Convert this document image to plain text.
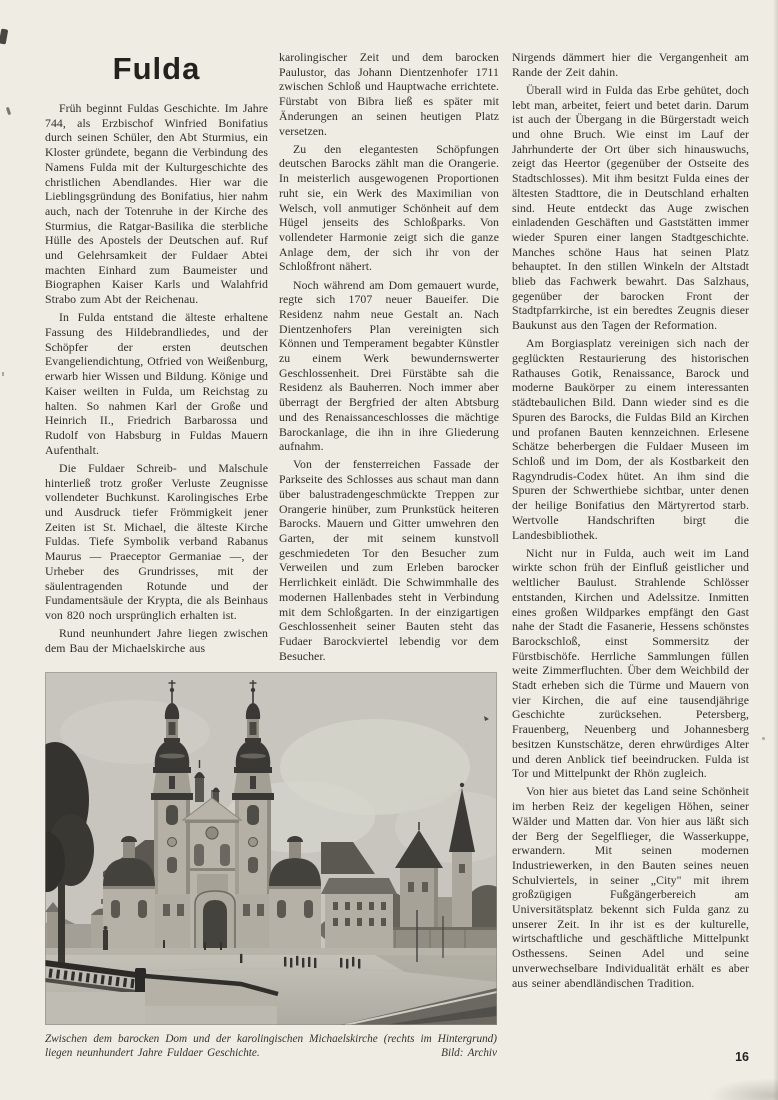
Fulda

Früh beginnt Fuldas Geschichte. Im Jahre 744, als Erzbischof Winfried Bonifatius durch seinen Schüler, den Abt Sturmius, ein Kloster gründete, begann die Verbindung des Namens Fulda mit der Kulturgeschichte des christlichen Abendlandes. Hier war die Lieblingsgründung des Bonifatius, hier nahm auch, nach der Totenruhe in der Kirche des Sturmius, die Ratgar-Basilika die sterbliche Hülle des Apostels der Deutschen auf. Ruf und Gelehrsamkeit der Fuldaer Abtei machten Einhard zum Baumeister und Biographen Kaiser Karls und Walahfrid Strabo zum Abt der Reichenau.

In Fulda entstand die älteste erhaltene Fassung des Hildebrandliedes, und der Schöpfer der ersten deutschen Evangeliendichtung, Otfried von Weißenburg, erwarb hier Wissen und Bildung. Könige und Kaiser weilten in Fulda, um Reichstag zu halten. So nahmen Karl der Große und Heinrich II., Friedrich Barbarossa und Rudolf von Habsburg in Fuldas Mauern Aufenthalt.

Die Fuldaer Schreib- und Malschule hinterließ trotz großer Verluste Zeugnisse vollendeter Buchkunst. Karolingisches Erbe und Ausdruck tiefer Frömmigkeit jener Zeiten ist St. Michael, die älteste Kirche Fuldas. Tiefe Symbolik verband Rabanus Maurus — Praeceptor Germaniae —, der Urheber des Grundrisses, mit der säulentragenden Rotunde und der Fundamentsäule der Krypta, die als Beinhaus von 820 noch ursprünglich erhalten ist.

Rund neunhundert Jahre liegen zwischen dem Bau der Michaelskirche aus

karolingischer Zeit und dem barocken Paulustor, das Johann Dientzenhofer 1711 zwischen Schloß und Hauptwache errichtete. Fürstabt von Bibra ließ es später mit Änderungen an seinen heutigen Platz versetzen.

Zu den elegantesten Schöpfungen deutschen Barocks zählt man die Orangerie. In meisterlich ausgewogenen Proportionen ruht sie, ein Werk des Maximilian von Welsch, voll anmutiger Schönheit auf dem Hügel jenseits des Schloßparks. Von vollendeter Harmonie zeigt sich die ganze Anlage dem, der sich ihr von der Schloßfront nähert.

Noch während am Dom gemauert wurde, regte sich 1707 neuer Baueifer. Die Residenz nahm neue Gestalt an. Nach Dientzenhofers Plan vereinigten sich Können und Temperament begabter Künstler zu einem Werk bewundernswerter Geschlossenheit. Drei Fürstäbte sah die Residenz als Bauherren. Noch immer aber überragt der Bergfried der alten Abtsburg und des Renaissanceschlosses die mächtige Barockanlage, die ihn in ihre Gliederung aufnahm.

Von der fensterreichen Fassade der Parkseite des Schlosses aus schaut man dann über balustradengeschmückte Treppen zur Orangerie hinüber, zum Prunkstück heiteren Barocks. Mauern und Gitter umwehren den Garten, der mit seinem kunstvoll geschmiedeten Tor den Besucher zum Verweilen und zum Erleben barocker Herrlichkeit einlädt. Die Schwimmhalle des modernen Hallenbades steht in Verbindung mit dem Schloßgarten. In der einzigartigen Geschlossenheit seiner Bauten steht das Fudaer Barockviertel lebendig vor dem Besucher.

Nirgends dämmert hier die Vergangenheit am Rande der Zeit dahin.

Überall wird in Fulda das Erbe gehütet, doch lebt man, arbeitet, feiert und betet darin. Darum ist auch der Übergang in die Bürgerstadt weich und ohne Bruch. Wie einst im Lauf der Jahrhunderte der Ort über sich hinauswuchs, zeigt das Heertor (gegenüber der Ostseite des Stadtschlosses). Mit ihm besitzt Fulda eines der ältesten Stadttore, die in Deutschland erhalten sind. Heute entdeckt das Auge zwischen einladenden Geschäften und Gaststätten immer wieder Spuren einer langen Stadtgeschichte. Manches schöne Haus hat seinen Platz behauptet. In den stillen Winkeln der Altstadt blieb das Fachwerk bewahrt. Das Salzhaus, gegenüber der barocken Front der Stadtpfarrkirche, ist ein beredtes Zeugnis dieser Baukunst aus den Tagen der Reformation.

Am Borgiasplatz vereinigen sich nach der geglückten Restaurierung des historischen Rathauses Gotik, Renaissance, Barock und moderne Baukörper zu einem interessanten städtebaulichen Bild. Dann wieder sind es die Spuren des Barocks, die Fuldas Bild an Kirchen und profanen Bauten kennzeichnen. Erlesene Schätze beherbergen die Fuldaer Museen im Schloß und im Dom, der als Kostbarkeit den Ragyndrudis-Codex hütet. An ihm sind die Spuren der Schwerthiebe sichtbar, unter denen der heilige Bonifatius den Märtyrertod starb. Wertvolle Handschriften birgt die Landesbibliothek.

Nicht nur in Fulda, auch weit im Land wirkte schon früh der Einfluß geistlicher und weltlicher Baulust. Strahlende Schlösser entstanden, Kirchen und Adelssitze. Inmitten eines großen Wildparkes empfängt den Gast nahe der Stadt die Fasanerie, Hessens schönstes Barockschloß, einst Sommersitz der Fürstbischöfe. Herrliche Sammlungen füllen weite Zimmerfluchten. Über dem Weichbild der Stadt erheben sich die Türme und Mauern von vier Kirchen, die auf eine tausendjährige Geschichte zurücksehen. Petersberg, Frauenberg, Neuenberg und Johannesberg besitzen Kunstschätze, deren ehrwürdiges Alter und deren Anblick tief beeindrucken. Fulda ist Tor und Mittelpunkt der Rhön zugleich.

Von hier aus bietet das Land seine Schönheit im herben Reiz der kegeligen Höhen, seiner Wälder und Matten dar. Von hier aus läßt sich der Berg der Segelflieger, die Wasserkuppe, erwandern. Mit seinen modernen Industriewerken, in den Bauten seines neuen Schulviertels, in seiner „City" mit ihrem großzügigen Fußgängerbereich am Universitätsplatz bekennt sich Fulda ganz zu unserer Zeit. In ihr ist es der kulturelle, wirtschaftliche und geschäftliche Mittelpunkt Osthessens. Seinen Adel und seine unverwechselbare Individualität erhält es aber aus seiner abendländischen Tradition.

Zwischen dem barocken Dom und der karolingischen Michaelskirche (rechts im Hintergrund) liegen neunhundert Jahre Fuldaer Geschichte.	Bild: Archiv	16
